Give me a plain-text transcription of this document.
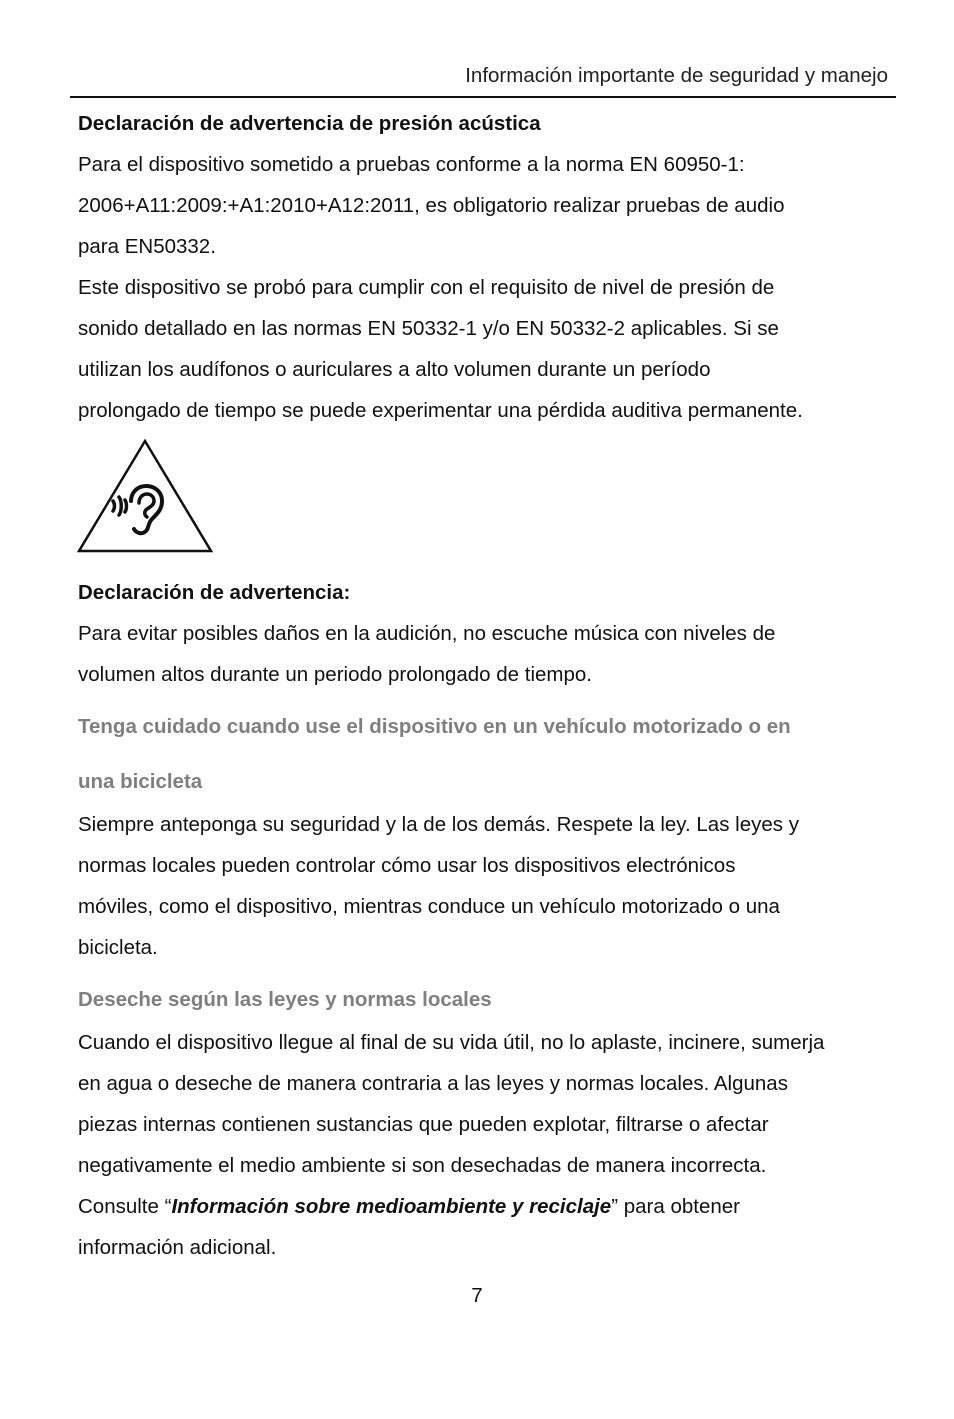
Información importante de seguridad y manejo
Declaración de advertencia de presión acústica
Para el dispositivo sometido a pruebas conforme a la norma EN 60950-1:
2006+A11:2009:+A1:2010+A12:2011, es obligatorio realizar pruebas de audio
para EN50332.
Este dispositivo se probó para cumplir con el requisito de nivel de presión de
sonido detallado en las normas EN 50332-1 y/o EN 50332-2 aplicables. Si se
utilizan los audífonos o auriculares a alto volumen durante un período
prolongado de tiempo se puede experimentar una pérdida auditiva permanente.
Declaración de advertencia:
Para evitar posibles daños en la audición, no escuche música con niveles de
volumen altos durante un periodo prolongado de tiempo.
Tenga cuidado cuando use el dispositivo en un vehículo motorizado o en
una bicicleta
Siempre anteponga su seguridad y la de los demás. Respete la ley. Las leyes y
normas locales pueden controlar cómo usar los dispositivos electrónicos
móviles, como el dispositivo, mientras conduce un vehículo motorizado o una
bicicleta.
Deseche según las leyes y normas locales
Cuando el dispositivo llegue al final de su vida útil, no lo aplaste, incinere, sumerja
en agua o deseche de manera contraria a las leyes y normas locales. Algunas
piezas internas contienen sustancias que pueden explotar, filtrarse o afectar
negativamente el medio ambiente si son desechadas de manera incorrecta.
Consulte “Información sobre medioambiente y reciclaje” para obtener
información adicional.
7
